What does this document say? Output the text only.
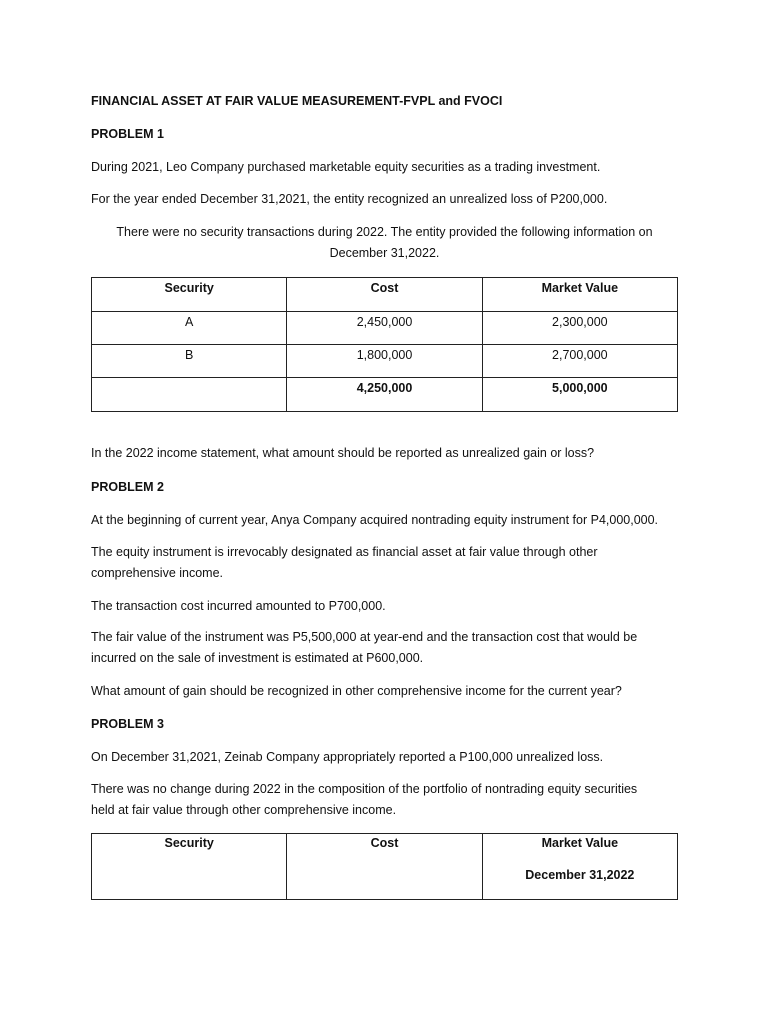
FINANCIAL ASSET AT FAIR VALUE MEASUREMENT-FVPL and FVOCI

PROBLEM 1

During 2021, Leo Company purchased marketable equity securities as a trading investment.

For the year ended December 31,2021, the entity recognized an unrealized loss of P200,000.

There were no security transactions during 2022. The entity provided the following information on
December 31,2022.
Security	Cost	Market Value
A	2,450,000	2,300,000
B	1,800,000	2,700,000
	4,250,000	5,000,000

In the 2022 income statement, what amount should be reported as unrealized gain or loss?

PROBLEM 2

At the beginning of current year, Anya Company acquired nontrading equity instrument for P4,000,000.

The equity instrument is irrevocably designated as financial asset at fair value through other
comprehensive income.

The transaction cost incurred amounted to P700,000.

The fair value of the instrument was P5,500,000 at year-end and the transaction cost that would be
incurred on the sale of investment is estimated at P600,000.

What amount of gain should be recognized in other comprehensive income for the current year?

PROBLEM 3

On December 31,2021, Zeinab Company appropriately reported a P100,000 unrealized loss.

There was no change during 2022 in the composition of the portfolio of nontrading equity securities
held at fair value through other comprehensive income.
Security	Cost	Market Value
December 31,2022
